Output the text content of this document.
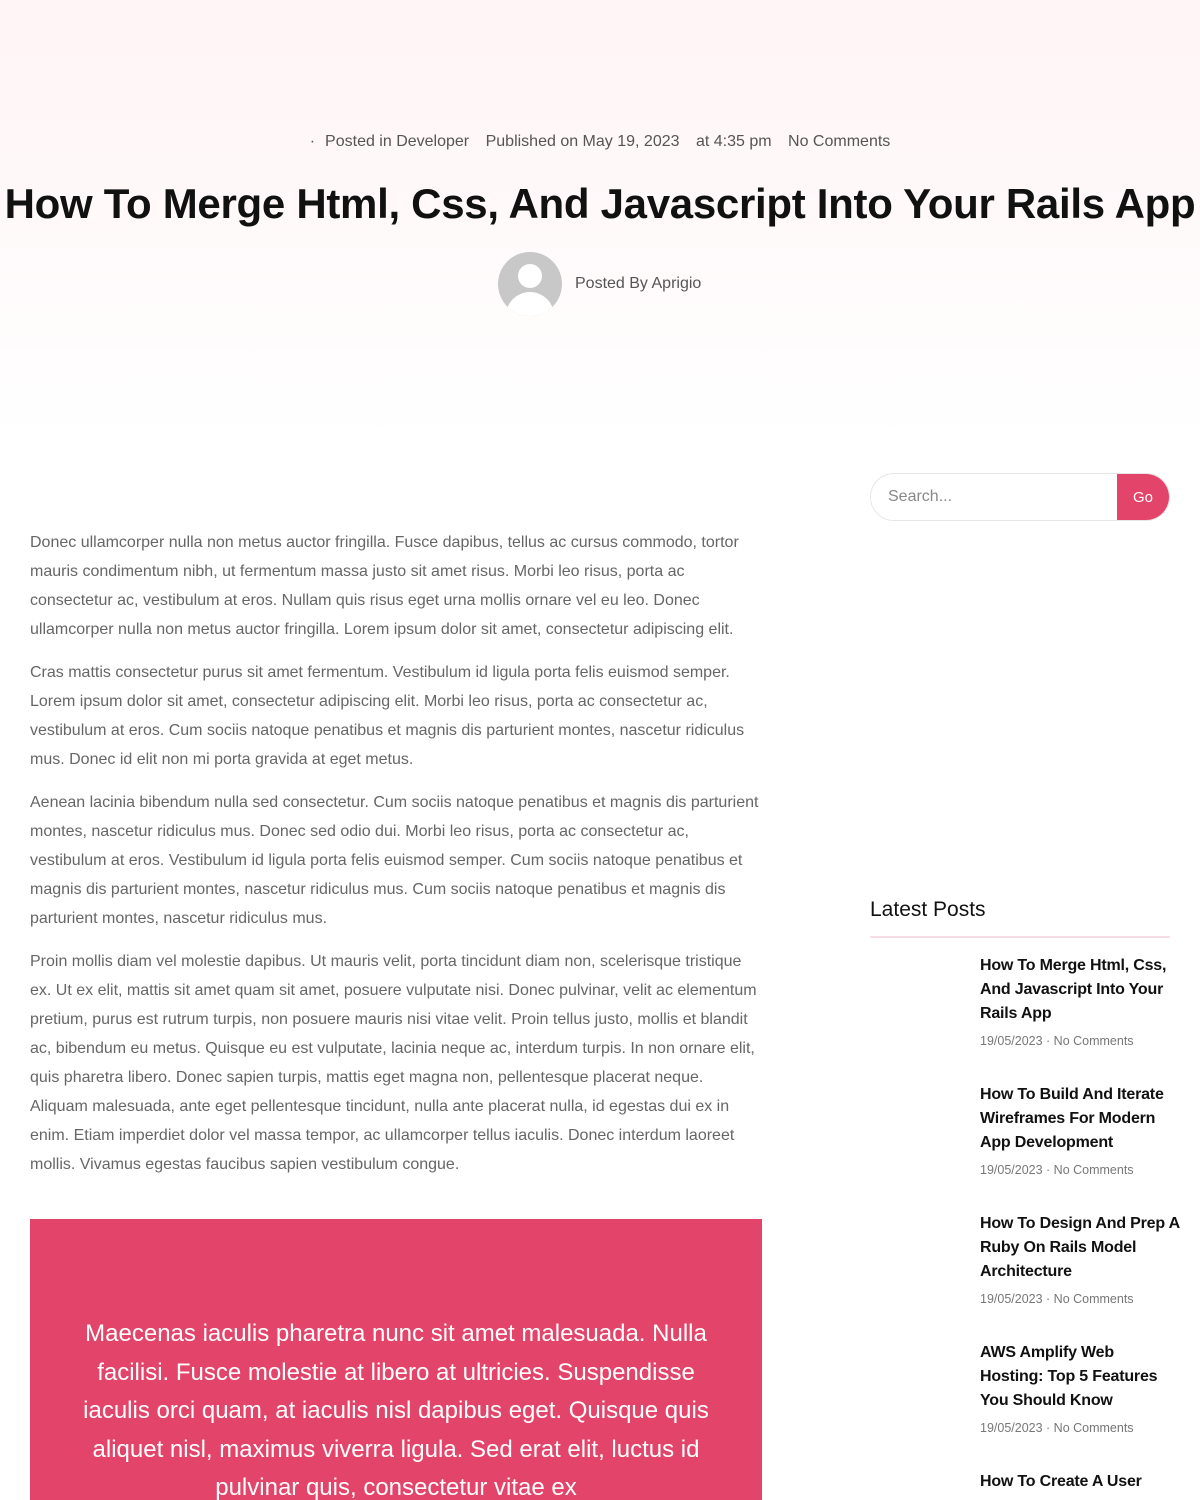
· Posted in Developer Published on May 19, 2023 at 4:35 pm No Comments
How To Merge Html, Css, And Javascript Into Your Rails App
Posted By Aprigio

Donec ullamcorper nulla non metus auctor fringilla. Fusce dapibus, tellus ac cursus commodo, tortor mauris condimentum nibh, ut fermentum massa justo sit amet risus. Morbi leo risus, porta ac consectetur ac, vestibulum at eros. Nullam quis risus eget urna mollis ornare vel eu leo. Donec ullamcorper nulla non metus auctor fringilla. Lorem ipsum dolor sit amet, consectetur adipiscing elit.

Cras mattis consectetur purus sit amet fermentum. Vestibulum id ligula porta felis euismod semper. Lorem ipsum dolor sit amet, consectetur adipiscing elit. Morbi leo risus, porta ac consectetur ac, vestibulum at eros. Cum sociis natoque penatibus et magnis dis parturient montes, nascetur ridiculus mus. Donec id elit non mi porta gravida at eget metus.

Aenean lacinia bibendum nulla sed consectetur. Cum sociis natoque penatibus et magnis dis parturient montes, nascetur ridiculus mus. Donec sed odio dui. Morbi leo risus, porta ac consectetur ac, vestibulum at eros. Vestibulum id ligula porta felis euismod semper. Cum sociis natoque penatibus et magnis dis parturient montes, nascetur ridiculus mus. Cum sociis natoque penatibus et magnis dis parturient montes, nascetur ridiculus mus.

Proin mollis diam vel molestie dapibus. Ut mauris velit, porta tincidunt diam non, scelerisque tristique ex. Ut ex elit, mattis sit amet quam sit amet, posuere vulputate nisi. Donec pulvinar, velit ac elementum pretium, purus est rutrum turpis, non posuere mauris nisi vitae velit. Proin tellus justo, mollis et blandit ac, bibendum eu metus. Quisque eu est vulputate, lacinia neque ac, interdum turpis. In non ornare elit, quis pharetra libero. Donec sapien turpis, mattis eget magna non, pellentesque placerat neque. Aliquam malesuada, ante eget pellentesque tincidunt, nulla ante placerat nulla, id egestas dui ex in enim. Etiam imperdiet dolor vel massa tempor, ac ullamcorper tellus iaculis. Donec interdum laoreet mollis. Vivamus egestas faucibus sapien vestibulum congue.

Maecenas iaculis pharetra nunc sit amet malesuada. Nulla facilisi. Fusce molestie at libero at ultricies. Suspendisse iaculis orci quam, at iaculis nisl dapibus eget. Quisque quis aliquet nisl, maximus viverra ligula. Sed erat elit, luctus id pulvinar quis, consectetur vitae ex
Search...
Go
Latest Posts
How To Merge Html, Css, And Javascript Into Your Rails App
19/05/2023 · No Comments
How To Build And Iterate Wireframes For Modern App Development
19/05/2023 · No Comments
How To Design And Prep A Ruby On Rails Model Architecture
19/05/2023 · No Comments
AWS Amplify Web Hosting: Top 5 Features You Should Know
19/05/2023 · No Comments
How To Create A User
